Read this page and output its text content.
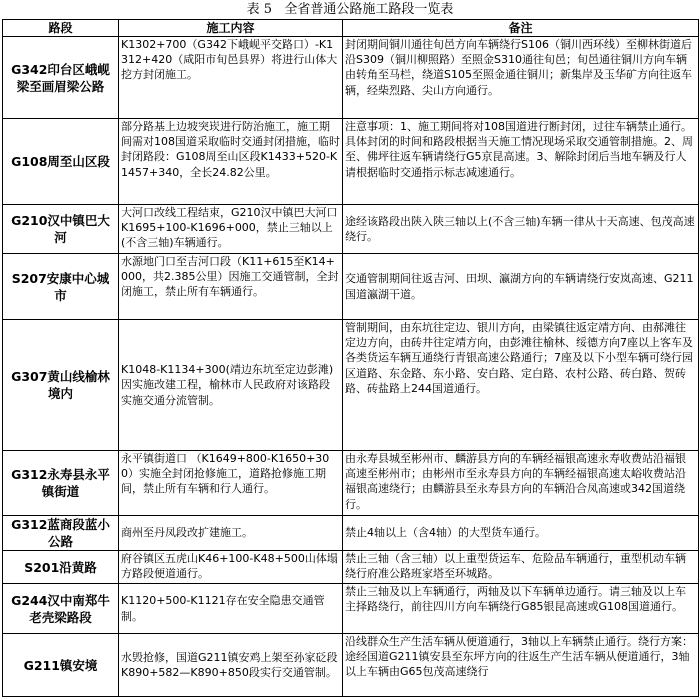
表 5   全省普通公路施工路段一览表
路段	施工内容	备注
G342印台区峨岘梁至画眉梁公路	K1302+700（G342下峨岘平交路口）-K1312+420（咸阳市旬邑县界）将进行山体大挖方封闭施工。	封闭期间铜川通往旬邑方向车辆绕行S106（铜川西环线）至柳林街道后沿S309（铜川柳照路）至照金S310通往旬邑；旬邑通往铜川方向车辆由转角至马栏，绕道S105至照金通往铜川；新集岸及玉华矿方向往返车辆，经柴烈路、尖山方向通行。
G108周至山区段	部分路基上边坡突崁进行防治施工，施工期间需对108国道采取临时交通封闭措施，临时封闭路段：G108周至山区段K1433+520-K1457+340，全长24.82公里。	注意事项：1、施工期间将对108国道进行断封闭，过往车辆禁止通行。具体封闭的时间和路段根据当天施工情况现场采取交通管制措施。2、周至、佛坪往返车辆请绕行G5京昆高速。3、解除封闭后当地车辆及行人请根据临时交通指示标志减速通行。
G210汉中镇巴大河	大河口改线工程结束，G210汉中镇巴大河口K1695+100-K1696+000，禁止三轴以上(不含三轴)车辆通行。	途经该路段出陕入陕三轴以上(不含三轴)车辆一律从十天高速、包茂高速绕行。
S207安康中心城市	水源地门口至吉河口段（K11+615至K14+000，共2.385公里）因施工交通管制，全封闭施工，禁止所有车辆通行。	交通管制期间往返吉河、田坝、瀛湖方向的车辆请绕行安岚高速、G211国道瀛湖干道。
G307黄山线榆林境内	K1048-K1134+300(靖边东坑至定边彭滩)因实施改建工程，榆林市人民政府对该路段实施交通分流管制。	管制期间，由东坑往定边、银川方向，由梁镇往返定靖方向、由郝滩往定边方向，由砖井往定靖方向，由彭滩往榆林、绥德方向7座以上客车及各类货运车辆互通绕行青银高速公路通行；7座及以下小型车辆可绕行园区道路、东金路、东小路、安白路、定白路、农村公路、砖白路、贺砖路、砖盐路上244国道通行。
G312永寿县永平镇街道	永平镇街道口 （K1649+800-K1650+300）实施全封闭抢修施工，道路抢修施工期间，禁止所有车辆和行人通行。	由永寿县城至彬州市、麟游县方向的车辆经福银高速永寿收费站沿福银高速至彬州市；由彬州市至永寿县方向的车辆经福银高速太峪收费站沿福银高速绕行；由麟游县至永寿县方向的车辆沿合凤高速或342国道绕行。
G312蓝商段蓝小公路	商州至丹凤段改扩建施工。	禁止4轴以上（含4轴）的大型货车通行。
S201沿黄路	府谷镇区五虎山K46+100-K48+500山体塌方路段便道通行。	禁止三轴（含三轴）以上重型货运车、危险品车辆通行，重型机动车辆绕行府准公路班家塔至环城路。
G244汉中南郑牛老壳梁路段	K1120+500-K1121存在安全隐患交通管制。	禁止三轴及以上车辆通行，两轴及以下车辆单边通行。请三轴及以上车主择路绕行，前往四川方向车辆绕行G85银昆高速或G108国道通行。
G211镇安境	水毁抢修，国道G211镇安鸡上架至孙家砭段K890+582—K890+850段实行交通管制。	沿线群众生产生活车辆从便道通行，3轴以上车辆禁止通行。绕行方案：途经国道G211镇安县至东坪方向的往返生产生活车辆从便道通行，3轴以上车辆由G65包茂高速绕行
